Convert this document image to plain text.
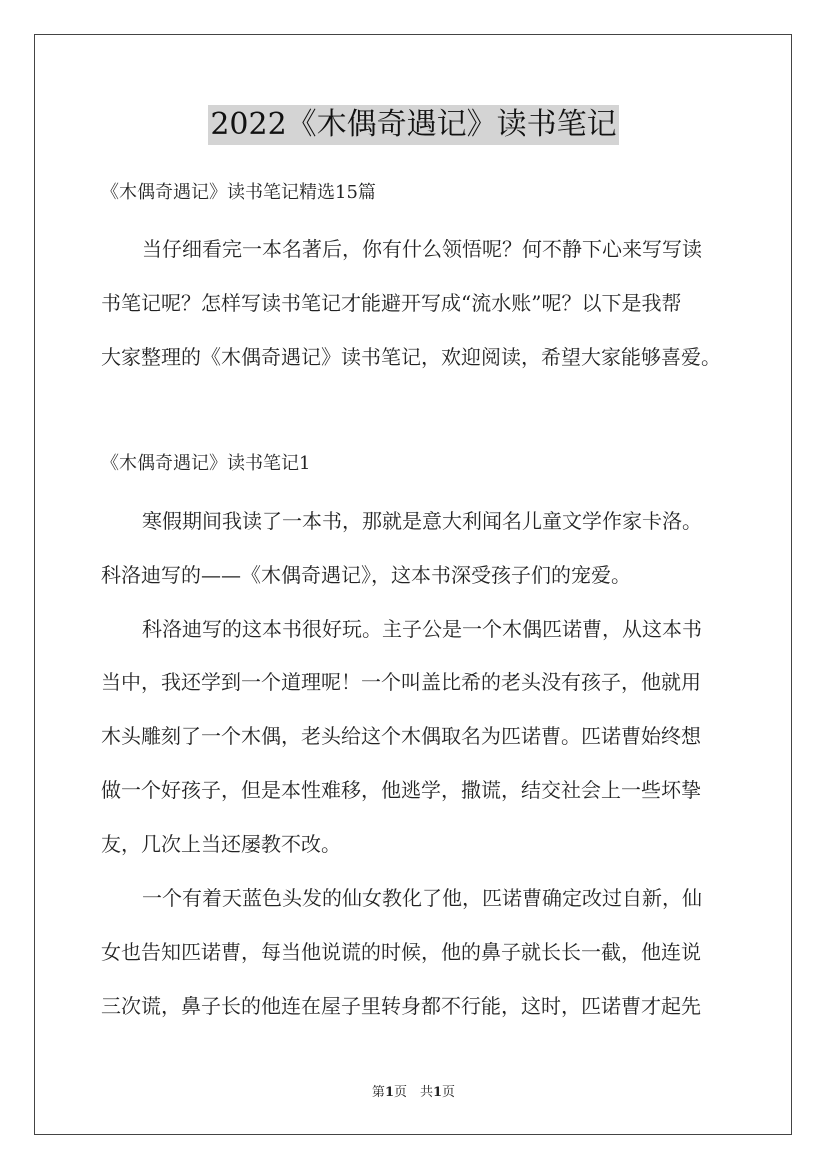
2022《木偶奇遇记》读书笔记

《木偶奇遇记》读书笔记精选15篇

当仔细看完一本名著后，你有什么领悟呢？何不静下心来写写读

书笔记呢？怎样写读书笔记才能避开写成“流水账”呢？以下是我帮

大家整理的《木偶奇遇记》读书笔记，欢迎阅读，希望大家能够喜爱。

《木偶奇遇记》读书笔记1

寒假期间我读了一本书，那就是意大利闻名儿童文学作家卡洛。

科洛迪写的——《木偶奇遇记》，这本书深受孩子们的宠爱。

科洛迪写的这本书很好玩。主子公是一个木偶匹诺曹，从这本书

当中，我还学到一个道理呢！一个叫盖比希的老头没有孩子，他就用

木头雕刻了一个木偶，老头给这个木偶取名为匹诺曹。匹诺曹始终想

做一个好孩子，但是本性难移，他逃学，撒谎，结交社会上一些坏挚

友，几次上当还屡教不改。

一个有着天蓝色头发的仙女教化了他，匹诺曹确定改过自新，仙

女也告知匹诺曹，每当他说谎的时候，他的鼻子就长长一截，他连说

三次谎，鼻子长的他连在屋子里转身都不行能，这时，匹诺曹才起先

第1页　共1页
